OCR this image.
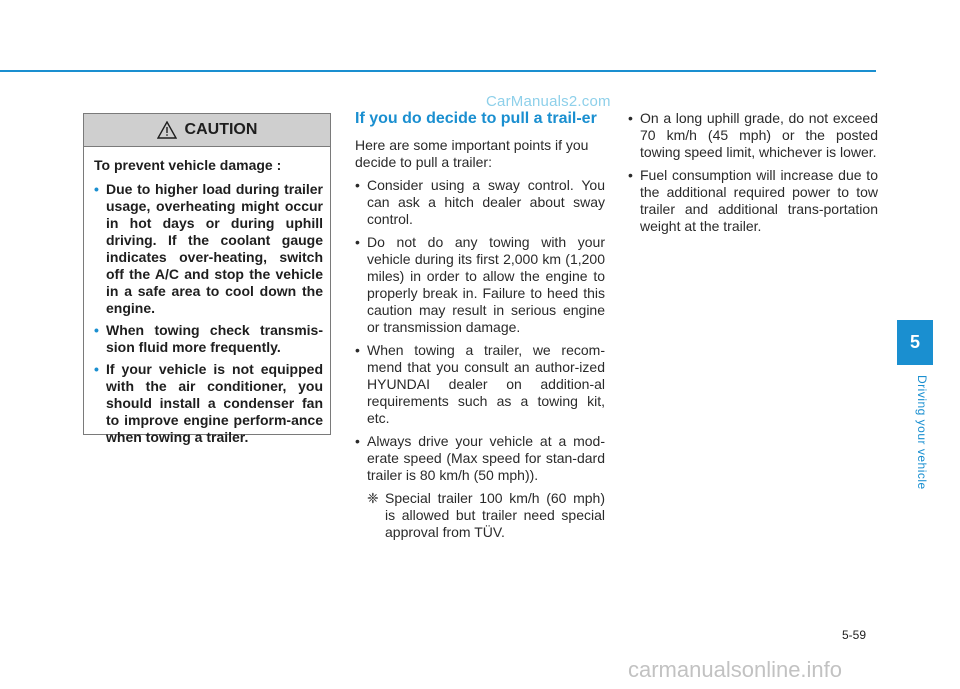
CarManuals2.com
CAUTION
To prevent vehicle damage :
• Due to higher load during trailer usage, overheating might occur in hot days or during uphill driving. If the coolant gauge indicates over-heating, switch off the A/C and stop the vehicle in a safe area to cool down the engine.
• When towing check transmis-sion fluid more frequently.
• If your vehicle is not equipped with the air conditioner, you should install a condenser fan to improve engine perform-ance when towing a trailer.
If you do decide to pull a trail-er

Here are some important points if you decide to pull a trailer:

• Consider using a sway control. You can ask a hitch dealer about sway control.
• Do not do any towing with your vehicle during its first 2,000 km (1,200 miles) in order to allow the engine to properly break in. Failure to heed this caution may result in serious engine or transmission damage.
• When towing a trailer, we recom-mend that you consult an author-ized HYUNDAI dealer on addition-al requirements such as a towing kit, etc.
• Always drive your vehicle at a mod-erate speed (Max speed for stan-dard trailer is 80 km/h (50 mph)).
❈ Special trailer 100 km/h (60 mph) is allowed but trailer need special approval from TÜV.
• On a long uphill grade, do not exceed 70 km/h (45 mph) or the posted towing speed limit, whichever is lower.
• Fuel consumption will increase due to the additional required power to tow trailer and additional trans-portation weight at the trailer.
5
Driving your vehicle
5-59
carmanualsonline.info
